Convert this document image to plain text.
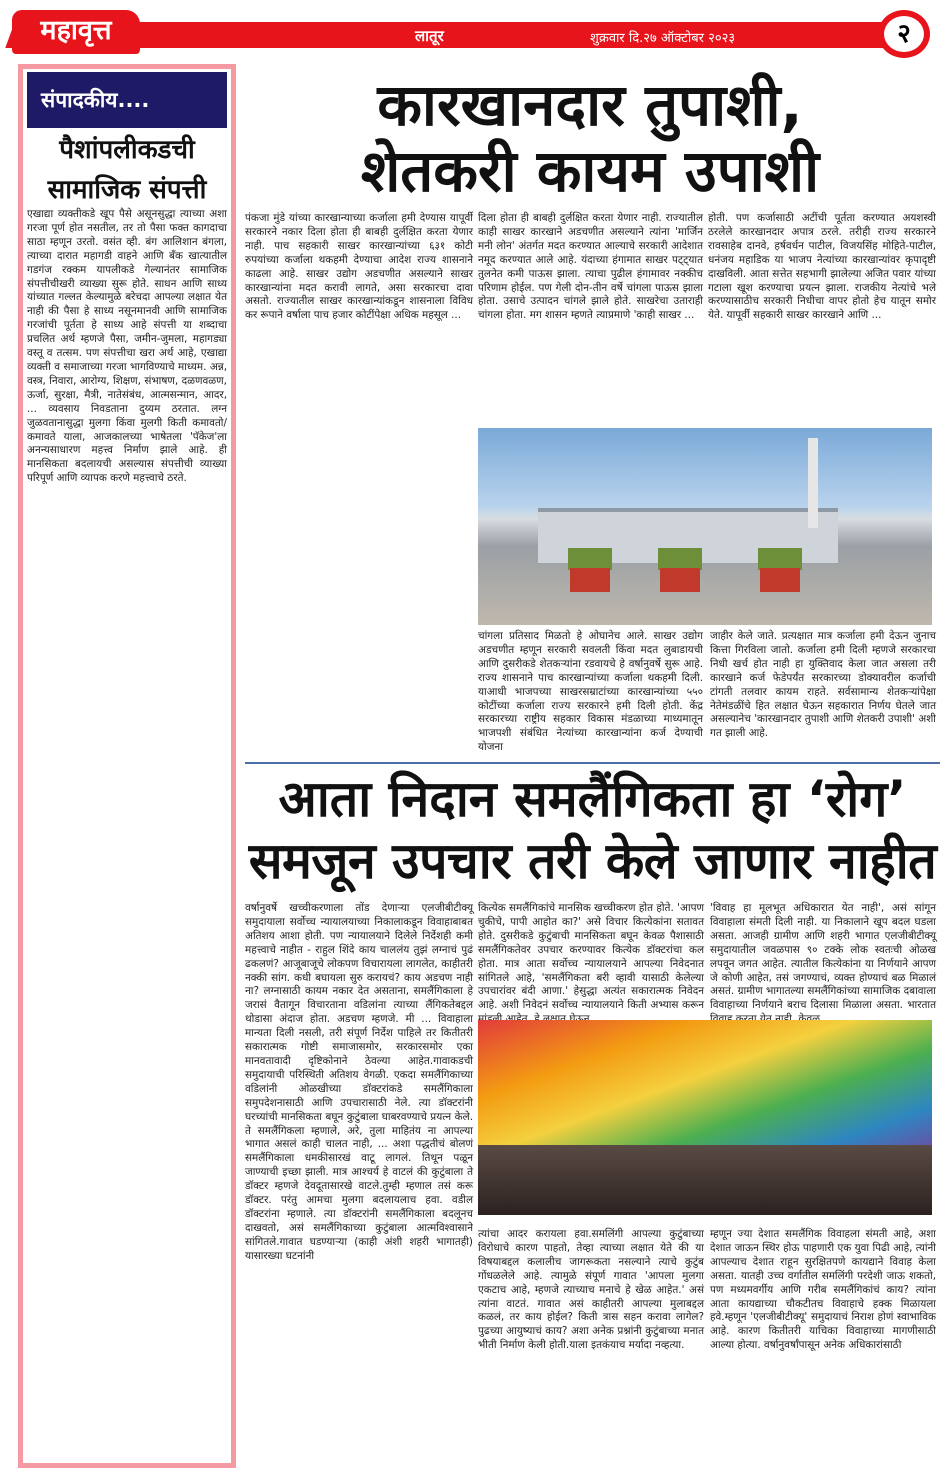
महावृत्त	लातूर	शुक्रवार दि.२७ ऑक्टोबर २०२३	२
संपादकीय....
पैशांपलीकडची
सामाजिक संपत्ती
एखाद्या व्यक्तीकडे खूप पैसे असूनसुद्धा त्याच्या अशा गरजा पूर्ण होत नसतील, तर तो पैसा फक्त कागदाचा साठा म्हणून उरतो. वसंत व्ही. बंग आलिशान बंगला, त्याच्या दारात महागडी वाहने आणि बँक खात्यातील गडगंज रक्कम यापलीकडे गेल्यानंतर सामाजिक संपत्तीचीखरी व्याख्या सुरू होते. साधन आणि साध्य यांच्यात गल्लत केल्यामुळे बरेचदा आपल्या लक्षात येत नाही की पैसा हे साध्य नसूनमानवी आणि सामाजिक गरजांची पूर्तता हे साध्य आहे संपत्ती या शब्दाचा प्रचलित अर्थ म्हणजे पैसा, जमीन-जुमला, महागड्या वस्तू व तत्सम. पण संपत्तीचा खरा अर्थ आहे, एखाद्या व्यक्ती व समाजाच्या गरजा भागविण्याचे माध्यम. अन्न, वस्त्र, निवारा, आरोग्य, शिक्षण, संभाषण, दळणवळण, ऊर्जा, सुरक्षा, मैत्री, नातेसंबंध, आत्मसन्मान, आदर, ... व्यवसाय निवडताना दुय्यम ठरतात. लग्न जुळवतानासुद्धा मुलगा किंवा मुलगी किती कमावतो/ कमावते याला, आजकालच्या भाषेतला 'पॅकेज'ला अनन्यसाधारण महत्त्व निर्माण झाले आहे. ही मानसिकता बदलायची असल्यास संपत्तीची व्याख्या परिपूर्ण आणि व्यापक करणे महत्त्वाचे ठरते.
कारखानदार तुपाशी,
शेतकरी कायम उपाशी
पंकजा मुंडे यांच्या कारखान्याच्या कर्जाला हमी देण्यास यापूर्वी सरकारने नकार दिला होता ही बाबही दुर्लक्षित करता येणार नाही. पाच सहकारी साखर कारखान्यांच्या ६३१ कोटी रुपयांच्या कर्जाला थकहमी देण्याचा आदेश राज्य शासनाने काढला आहे. साखर उद्योग अडचणीत असल्याने साखर कारखान्यांना मदत करावी लागते, असा सरकारचा दावा असतो. राज्यातील साखर कारखान्यांकडून शासनाला विविध कर रूपाने वर्षाला पाच हजार कोटींपेक्षा अधिक महसूल ...
दिला होता ही बाबही दुर्लक्षित करता येणार नाही. राज्यातील काही साखर कारखाने अडचणीत असल्याने त्यांना 'मार्जिन मनी लोन' अंतर्गत मदत करण्यात आल्याचे सरकारी आदेशात नमूद करण्यात आले आहे. यंदाच्या हंगामात साखर पट्ट्यात तुलनेत कमी पाऊस झाला. त्याचा पुढील हंगामावर नक्कीच परिणाम होईल. पण गेली दोन-तीन वर्षे चांगला पाऊस झाला होता. उसाचे उत्पादन चांगले झाले होते. साखरेचा उताराही चांगला होता. मग शासन म्हणते त्याप्रमाणे 'काही साखर ...
होती. पण कर्जासाठी अटींची पूर्तता करण्यात अयशस्वी ठरलेले कारखानदार अपात्र ठरले. तरीही राज्य सरकारने रावसाहेब दानवे, हर्षवर्धन पाटील, विजयसिंह मोहिते-पाटील, धनंजय महाडिक या भाजप नेत्यांच्या कारखान्यांवर कृपादृष्टी दाखविली. आता सत्तेत सहभागी झालेल्या अजित पवार यांच्या गटाला खूश करण्याचा प्रयत्न झाला. राजकीय नेत्यांचे भले करण्यासाठीच सरकारी निधीचा वापर होतो हेच यातून समोर येते. यापूर्वी सहकारी साखर कारखाने आणि ...
चांगला प्रतिसाद मिळतो हे ओघानेच आले. साखर उद्योग अडचणीत म्हणून सरकारी सवलती किंवा मदत लुबाडायची आणि दुसरीकडे शेतकऱ्यांना रडवायचे हे वर्षानुवर्षे सुरू आहे. राज्य शासनाने पाच कारखान्यांच्या कर्जाला थकहमी दिली. याआधी भाजपच्या साखरसम्राटांच्या कारखान्यांच्या ५५० कोटींच्या कर्जाला राज्य सरकारने हमी दिली होती. केंद्र सरकारच्या राष्ट्रीय सहकार विकास मंडळाच्या माध्यमातून भाजपशी संबंधित नेत्यांच्या कारखान्यांना कर्ज देण्याची योजना
जाहीर केले जाते. प्रत्यक्षात मात्र कर्जाला हमी देऊन जुनाच कित्ता गिरविला जातो. कर्जाला हमी दिली म्हणजे सरकारचा निधी खर्च होत नाही हा युक्तिवाद केला जात असला तरी कारखाने कर्ज फेडेपर्यंत सरकारच्या डोक्यावरील कर्जाची टांगती तलवार कायम राहते. सर्वसामान्य शेतकऱ्यांपेक्षा नेतेमंडळींचे हित लक्षात घेऊन सहकारात निर्णय घेतले जात असल्यानेच 'कारखानदार तुपाशी आणि शेतकरी उपाशी' अशी गत झाली आहे.
आता निदान समलैंगिकता हा ‘रोग’
समजून उपचार तरी केले जाणार नाहीत
वर्षानुवर्षे खच्चीकरणाला तोंड देणाऱ्या एलजीबीटीक्यू समुदायाला सर्वोच्च न्यायालयाच्या निकालाकडून विवाहाबाबत अतिशय आशा होती. पण न्यायालयाने दिलेले निर्देशही कमी महत्त्वाचे नाहीत - राहुल शिंदे काय चाललंय तुझं लग्नाचं पुढं ढकलणं? आजूबाजूचे लोकपण विचारायला लागलेत, काहीतरी नक्की सांग. कधी बघायला सुरु करायचं? काय अडचण नाही ना? लग्नासाठी कायम नकार देत असताना, समलैंगिकाला हे जरासं वैतागून विचारताना वडिलांना त्याच्या लैंगिकतेबद्दल थोडासा अंदाज होता. अडचण म्हणजे. मी ... विवाहाला मान्यता दिली नसली, तरी संपूर्ण निर्देश पाहिले तर कितीतरी सकारात्मक गोष्टी समाजासमोर, सरकारसमोर एका मानवतावादी दृष्टिकोनाने ठेवल्या आहेत.गावाकडची समुदायाची परिस्थिती अतिशय वेगळी. एकदा समलैंगिकाच्या वडिलांनी ओळखीच्या डॉक्टरांकडे समलैंगिकाला समुपदेशनासाठी आणि उपचारासाठी नेले. त्या डॉक्टरांनी घरच्यांची मानसिकता बघून कुटुंबाला घाबरवण्याचे प्रयत्न केले. ते समलैंगिकला म्हणाले, अरे, तुला माहितंय ना आपल्या भागात असलं काही चालत नाही, ... अशा पद्धतीचं बोलणं समलैंगिकाला धमकीसारखं वाटू लागलं. तिथून पळून जाण्याची इच्छा झाली. मात्र आश्चर्य हे वाटलं की कुटुंबाला ते डॉक्टर म्हणजे देवदूतासारखे वाटले.तुम्ही म्हणाल तसं करू डॉक्टर. परंतु आमचा मुलगा बदलायलाच हवा. वडील डॉक्टरांना म्हणाले. त्या डॉक्टरांनी समलैंगिकाला बदलूनच दाखवतो, असं समलैंगिकाच्या कुटुंबाला आत्मविश्वासाने सांगितले.गावात घडण्याऱ्या (काही अंशी शहरी भागातही) यासारख्या घटनांनी
कित्येक समलैंगिकांचे मानसिक खच्चीकरण होत होते. 'आपण चुकीचे, पापी आहोत का?' असे विचार कित्येकांना सतावत होते. दुसरीकडे कुटुंबाची मानसिकता बघून केवळ पैशासाठी समलैंगिकतेवर उपचार करण्यावर कित्येक डॉक्टरांचा कल होता. मात्र आता सर्वोच्च न्यायालयाने आपल्या निवेदनात सांगितले आहे, 'समलैंगिकता बरी व्हावी यासाठी केलेल्या उपचारांवर बंदी आणा.' हेसुद्धा अत्यंत सकारात्मक निवेदन आहे. अशी निवेदनं सर्वोच्च न्यायालयाने किती अभ्यास करून
'विवाह हा मूलभूत अधिकारात येत नाही', असं सांगून विवाहाला संमती दिली नाही. या निकालाने खूप बदल घडला असता. आजही ग्रामीण आणि शहरी भागात एलजीबीटीक्यू समुदायातील जवळपास ९० टक्के लोक स्वतःची ओळख लपवून जगत आहेत. त्यातील कित्येकांना या निर्णयाने आपण जे कोणी आहेत, तसं जगण्याचं, व्यक्त होण्याचं बळ मिळालं असतं. ग्रामीण भागातल्या समलैंगिकांच्या सामाजिक दबावाला विवाहाच्या निर्णयाने बराच दिलासा मिळाला असता. भारतात
त्यांचा आदर करायला हवा.समलिंगी आपल्या कुटुंबाच्या विरोधाचे कारण पाहतो, तेव्हा त्याच्या लक्षात येते की या विषयाबद्दल कलालीच जागरूकता नसल्याने त्याचे कुटुंब गोंधळलेले आहे. त्यामुळे संपूर्ण गावात 'आपला मुलगा एकटाच आहे, म्हणजे त्याच्याच मनाचे हे खेळ आहेत.' असं त्यांना वाटतं. गावात असं काहीतरी आपल्या मुलाबद्दल कळलं, तर काय होईल? किती त्रास सहन करावा लागेल? पुढच्या आयुष्याचं काय? अशा अनेक प्रश्नांनी कुटुंबाच्या मनात भीती निर्माण केली होती.याला इतकंयाच मर्यादा नव्हत्या.
म्हणून ज्या देशात समलैंगिक विवाहला संमती आहे, अशा देशात जाऊन स्थिर होऊ पाहणारी एक युवा पिढी आहे, त्यांनी आपल्याच देशात राहून सुरक्षितपणे कायद्याने विवाह केला असता. यातही उच्च वर्गातील समलिंगी परदेशी जाऊ शकतो, पण मध्यमवर्गीय आणि गरीब समलैंगिकांचं काय? त्यांना आता कायद्याच्या चौकटीतच विवाहाचे हक्क मिळायला हवे.म्हणून 'एलजीबीटीक्यू' समुदायाचं निराश होणं स्वाभाविक आहे. कारण कितीतरी याचिका विवाहाच्या मागणीसाठी आल्या होत्या. वर्षानुवर्षांपासून अनेक अधिकारांसाठी
